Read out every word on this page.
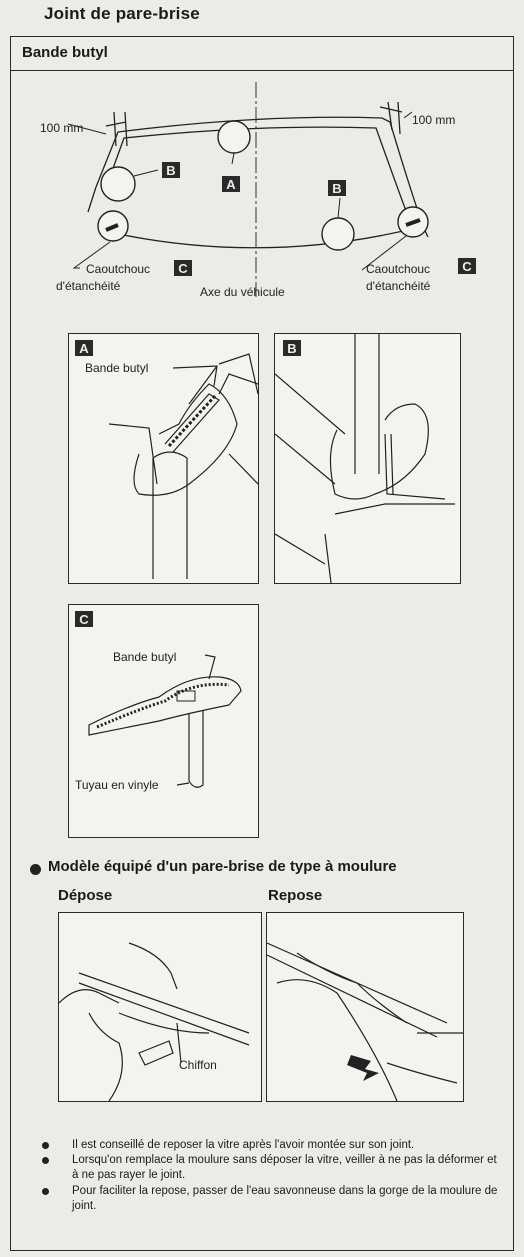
Joint de pare-brise
Bande butyl
A
B
B
C	C
100 mm
100 mm
Caoutchouc
d'étanchéité
Caoutchouc
d'étanchéité
Axe du véhicule
A
Bande butyl
B
C
Bande butyl
Tuyau en vinyle
Modèle équipé d'un pare-brise de type à moulure
Dépose	Repose
Chiffon

Il est conseillé de reposer la vitre après l'avoir montée sur son joint.

Lorsqu'on remplace la moulure sans déposer la vitre, veiller à ne pas la déformer et à ne pas rayer le joint.

Pour faciliter la repose, passer de l'eau savonneuse dans la gorge de la moulure de joint.
